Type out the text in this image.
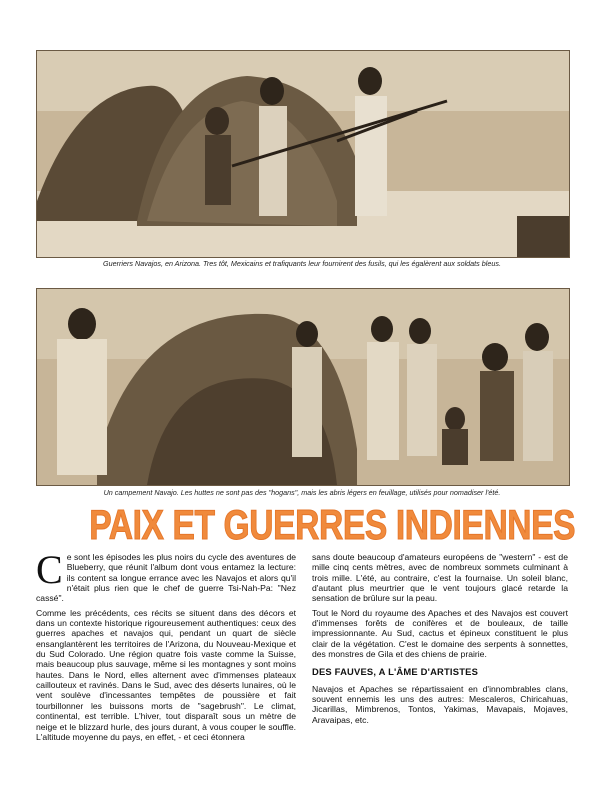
Guerriers Navajos, en Arizona. Tres tôt, Mexicains et trafiquants leur fournirent des fusils, qui les égalèrent aux soldats bleus.
Un campement Navajo. Les huttes ne sont pas des "hogans", mais les abris légers en feuillage, utilisés pour nomadiser l'été.
PAIX ET GUERRES INDIENNES

Ce sont les épisodes les plus noirs du cycle des aventures de Blueberry, que réunit l'album dont vous entamez la lecture: ils content sa longue errance avec les Navajos et alors qu'il n'était plus rien que le chef de guerre Tsi-Nah-Pa: "Nez cassé".

Comme les précédents, ces récits se situent dans des décors et dans un contexte historique rigoureusement authentiques: ceux des guerres apaches et navajos qui, pendant un quart de siècle ensanglantèrent les territoires de l'Arizona, du Nouveau-Mexique et du Sud Colorado. Une région quatre fois vaste comme la Suisse, mais beaucoup plus sauvage, même si les montagnes y sont moins hautes. Dans le Nord, elles alternent avec d'immenses plateaux caillouteux et ravinés. Dans le Sud, avec des déserts lunaires, où le vent soulève d'incessantes tempêtes de poussière et fait tourbillonner les buissons morts de "sagebrush". Le climat, continental, est terrible. L'hiver, tout disparaît sous un mètre de neige et le blizzard hurle, des jours durant, à vous couper le souffle. L'altitude moyenne du pays, en effet, - et ceci étonnera

sans doute beaucoup d'amateurs européens de "western" - est de mille cinq cents mètres, avec de nombreux sommets culminant à trois mille. L'été, au contraire, c'est la fournaise. Un soleil blanc, d'autant plus meurtrier que le vent toujours glacé retarde la sensation de brûlure sur la peau.

Tout le Nord du royaume des Apaches et des Navajos est couvert d'immenses forêts de conifères et de bouleaux, de taille impressionnante. Au Sud, cactus et épineux constituent le plus clair de la végétation. C'est le domaine des serpents à sonnettes, des monstres de Gila et des chiens de prairie.

DES FAUVES, A L'ÂME D'ARTISTES

Navajos et Apaches se répartissaient en d'innombrables clans, souvent ennemis les uns des autres: Mescaleros, Chiricahuas, Jicarillas, Mimbrenos, Tontos, Yakimas, Mavapais, Mojaves, Aravaipas, etc.
